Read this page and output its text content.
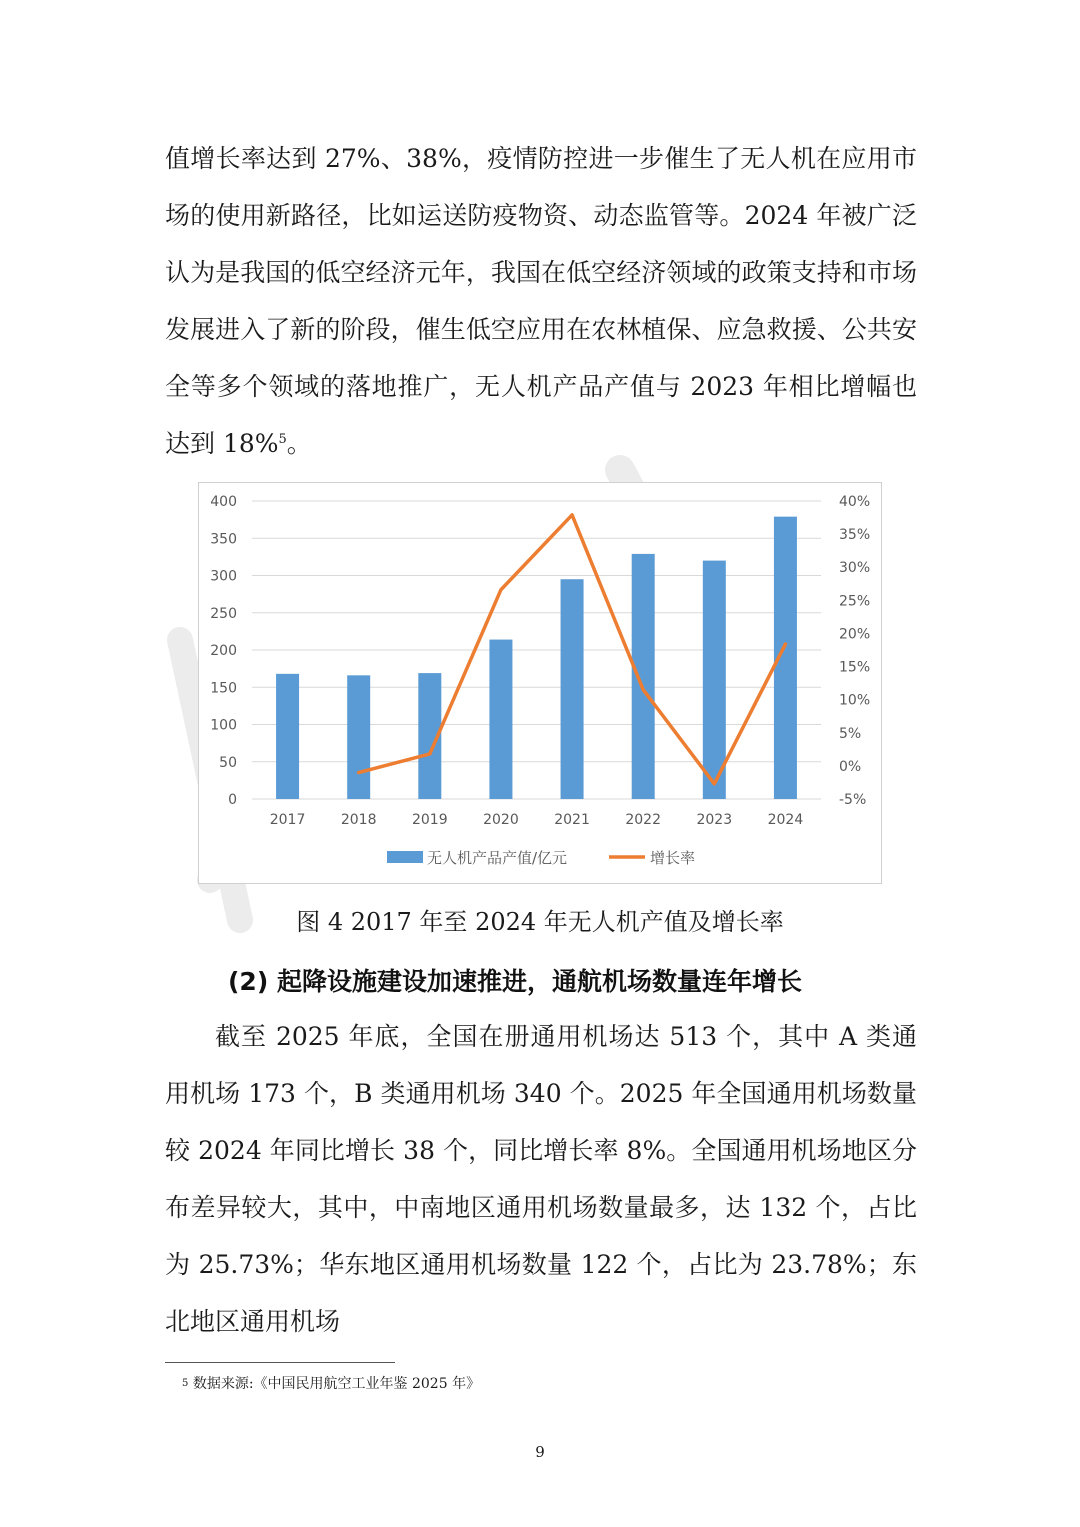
值增长率达到 27%、38%，疫情防控进一步催生了无人机在应用市场的使用新路径，比如运送防疫物资、动态监管等。2024 年被广泛认为是我国的低空经济元年，我国在低空经济领域的政策支持和市场发展进入了新的阶段，催生低空应用在农林植保、应急救援、公共安全等多个领域的落地推广，无人机产品产值与 2023 年相比增幅也达到 18%$^5$。

0
50
100
150
200
250
300
350
400
-5%
0%
5%
10%
15%
20%
25%
30%
35%
40%
2017	2018	2019	2020	2021	2022	2023	2024
无人机产品产值/亿元	增长率
图 4 2017 年至 2024 年无人机产值及增长率
(2) 起降设施建设加速推进，通航机场数量连年增长

截至 2025 年底，全国在册通用机场达 513 个，其中 A 类通用机场 173 个，B 类通用机场 340 个。2025 年全国通用机场数量较 2024 年同比增长 38 个，同比增长率 8%。全国通用机场地区分布差异较大，其中，中南地区通用机场数量最多，达 132 个，占比为 25.73%；华东地区通用机场数量 122 个，占比为 23.78%；东北地区通用机场

$^5$ 数据来源:《中国民用航空工业年鉴 2025 年》
9
